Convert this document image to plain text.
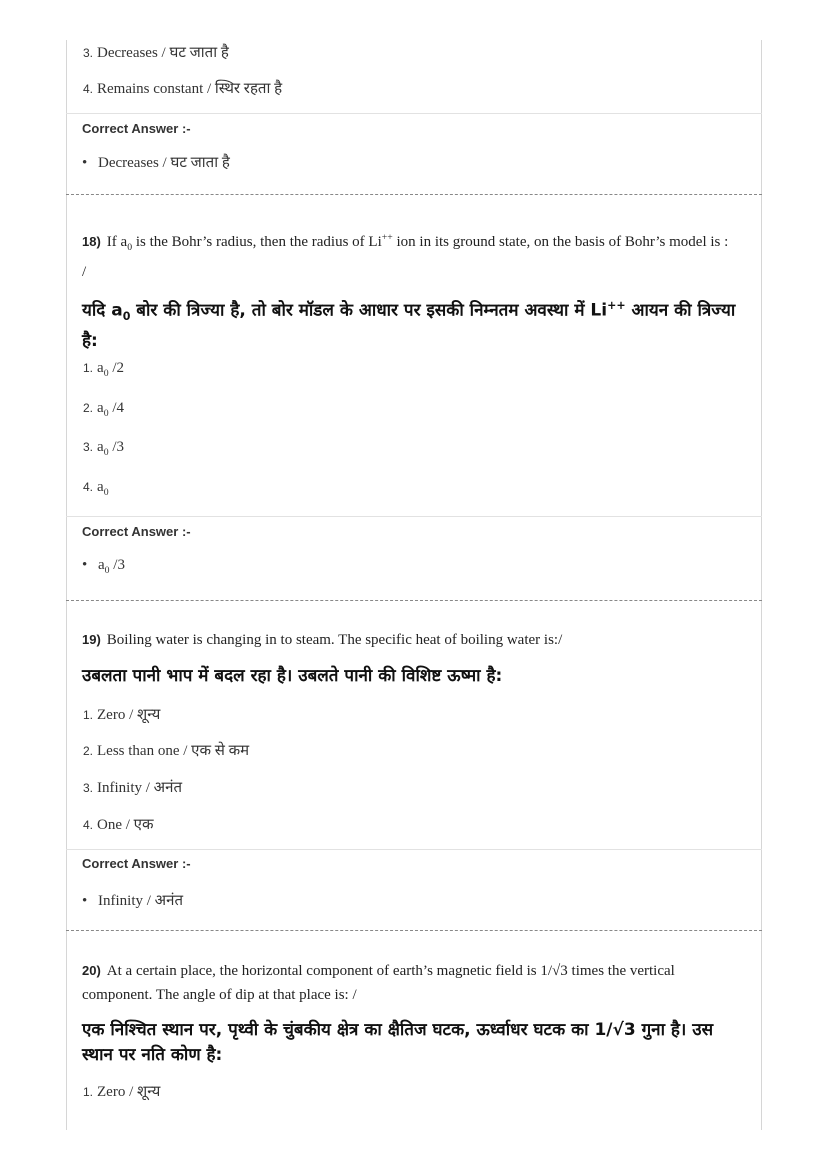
3. Decreases / घट जाता है
4. Remains constant / स्थिर रहता है
Correct Answer :-
• Decreases / घट जाता है
18) If $a_0$ is the Bohr’s radius, then the radius of Li++ ion in its ground state, on the basis of Bohr’s model is : /
यदि $a_0$ बोर की त्रिज्या है, तो बोर मॉडल के आधार पर इसकी निम्नतम अवस्था में Li++ आयन की त्रिज्या है:
1. $a_0$ /2
2. $a_0$ /4
3. $a_0$ /3
4. $a_0$
Correct Answer :-
• $a_0$ /3
19) Boiling water is changing in to steam. The specific heat of boiling water is:/
उबलता पानी भाप में बदल रहा है। उबलते पानी की विशिष्ट ऊष्मा है:
1. Zero / शून्य
2. Less than one / एक से कम
3. Infinity / अनंत
4. One / एक
Correct Answer :-
• Infinity / अनंत
20) At a certain place, the horizontal component of earth’s magnetic field is 1/√3 times the vertical component. The angle of dip at that place is: /
एक निश्चित स्थान पर, पृथ्वी के चुंबकीय क्षेत्र का क्षैतिज घटक, ऊर्ध्वाधर घटक का 1/√3 गुना है। उस स्थान पर नति कोण है:
1. Zero / शून्य
